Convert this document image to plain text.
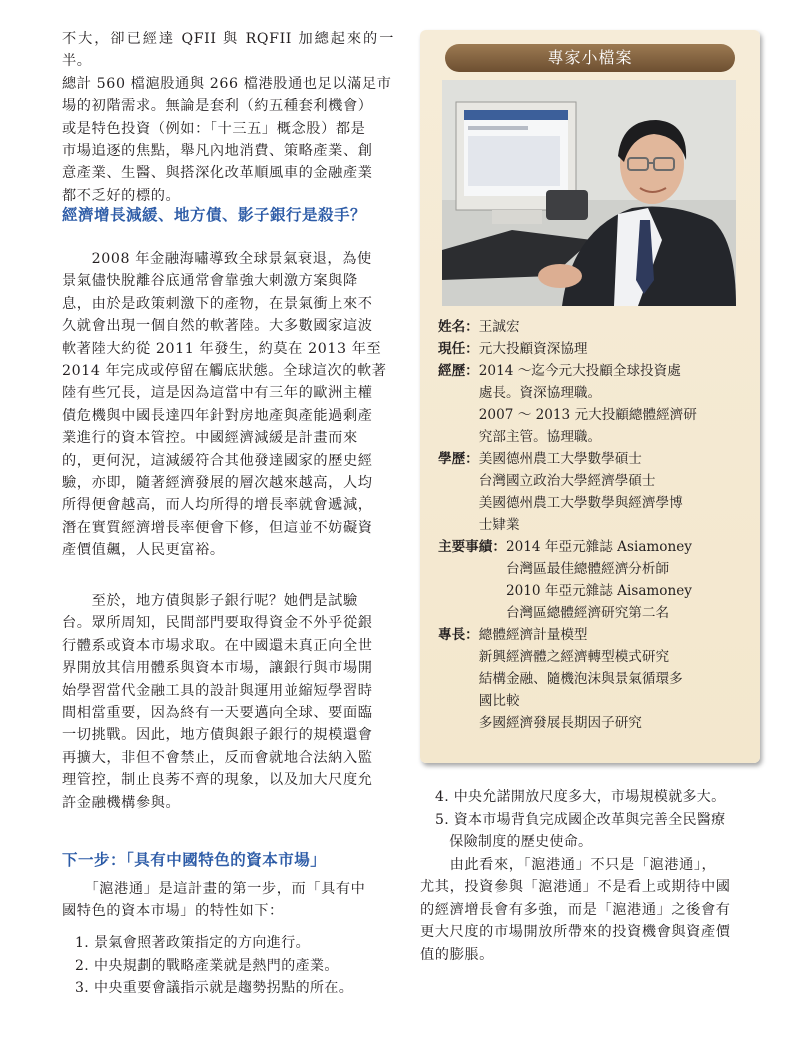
不大，卻已經達 QFII 與 RQFII 加總起來的一半。
總計 560 檔滬股通與 266 檔港股通也足以滿足市
場的初階需求。無論是套利（約五種套利機會）
或是特色投資（例如：「十三五」概念股）都是
市場追逐的焦點，舉凡內地消費、策略產業、創
意產業、生醫、與搭深化改革順風車的金融產業
都不乏好的標的。
經濟增長減緩、地方債、影子銀行是殺手？
　　2008 年金融海嘯導致全球景氣衰退，為使
景氣儘快脫離谷底通常會靠強大刺激方案與降
息，由於是政策刺激下的產物，在景氣衝上來不
久就會出現一個自然的軟著陸。大多數國家這波
軟著陸大約從 2011 年發生，約莫在 2013 年至
2014 年完成或停留在觸底狀態。全球這次的軟著
陸有些冗長，這是因為這當中有三年的歐洲主權
債危機與中國長達四年針對房地產與產能過剩產
業進行的資本管控。中國經濟減緩是計畫而來
的，更何況，這減緩符合其他發達國家的歷史經
驗，亦即，隨著經濟發展的層次越來越高，人均
所得便會越高，而人均所得的增長率就會遞減，
潛在實質經濟增長率便會下修，但這並不妨礙資
產價值飆，人民更富裕。
　　至於，地方債與影子銀行呢？她們是試驗
台。眾所周知，民間部門要取得資金不外乎從銀
行體系或資本市場求取。在中國還未真正向全世
界開放其信用體系與資本市場，讓銀行與市場開
始學習當代金融工具的設計與運用並縮短學習時
間相當重要，因為終有一天要邁向全球、要面臨
一切挑戰。因此，地方債與銀子銀行的規模還會
再擴大，非但不會禁止，反而會就地合法納入監
理管控，制止良莠不齊的現象，以及加大尺度允
許金融機構參與。
下一步：「具有中國特色的資本市場」
　　「滬港通」是這計畫的第一步，而「具有中
國特色的資本市場」的特性如下：
1. 景氣會照著政策指定的方向進行。
2. 中央規劃的戰略產業就是熱門的產業。
3. 中央重要會議指示就是趨勢拐點的所在。
專家小檔案
姓名： 王誠宏
現任： 元大投顧資深協理
經歷： 2014 ～迄今元大投顧全球投資處
處長。資深協理職。
2007 ～ 2013 元大投顧總體經濟研
究部主管。協理職。
學歷： 美國德州農工大學數學碩士
台灣國立政治大學經濟學碩士
美國德州農工大學數學與經濟學博
士肄業
主要事績： 2014 年亞元雜誌 Asiamoney
台灣區最佳總體經濟分析師
2010 年亞元雜誌 Aisamoney
台灣區總體經濟研究第二名
專長： 總體經濟計量模型
新興經濟體之經濟轉型模式研究
結構金融、隨機泡沫與景氣循環多
國比較
多國經濟發展長期因子研究
4. 中央允諾開放尺度多大，市場規模就多大。
5. 資本市場背負完成國企改革與完善全民醫療
　保險制度的歷史使命。
　　由此看來，「滬港通」不只是「滬港通」，
尤其，投資參與「滬港通」不是看上或期待中國
的經濟增長會有多強，而是「滬港通」之後會有
更大尺度的市場開放所帶來的投資機會與資產價
值的膨脹。
